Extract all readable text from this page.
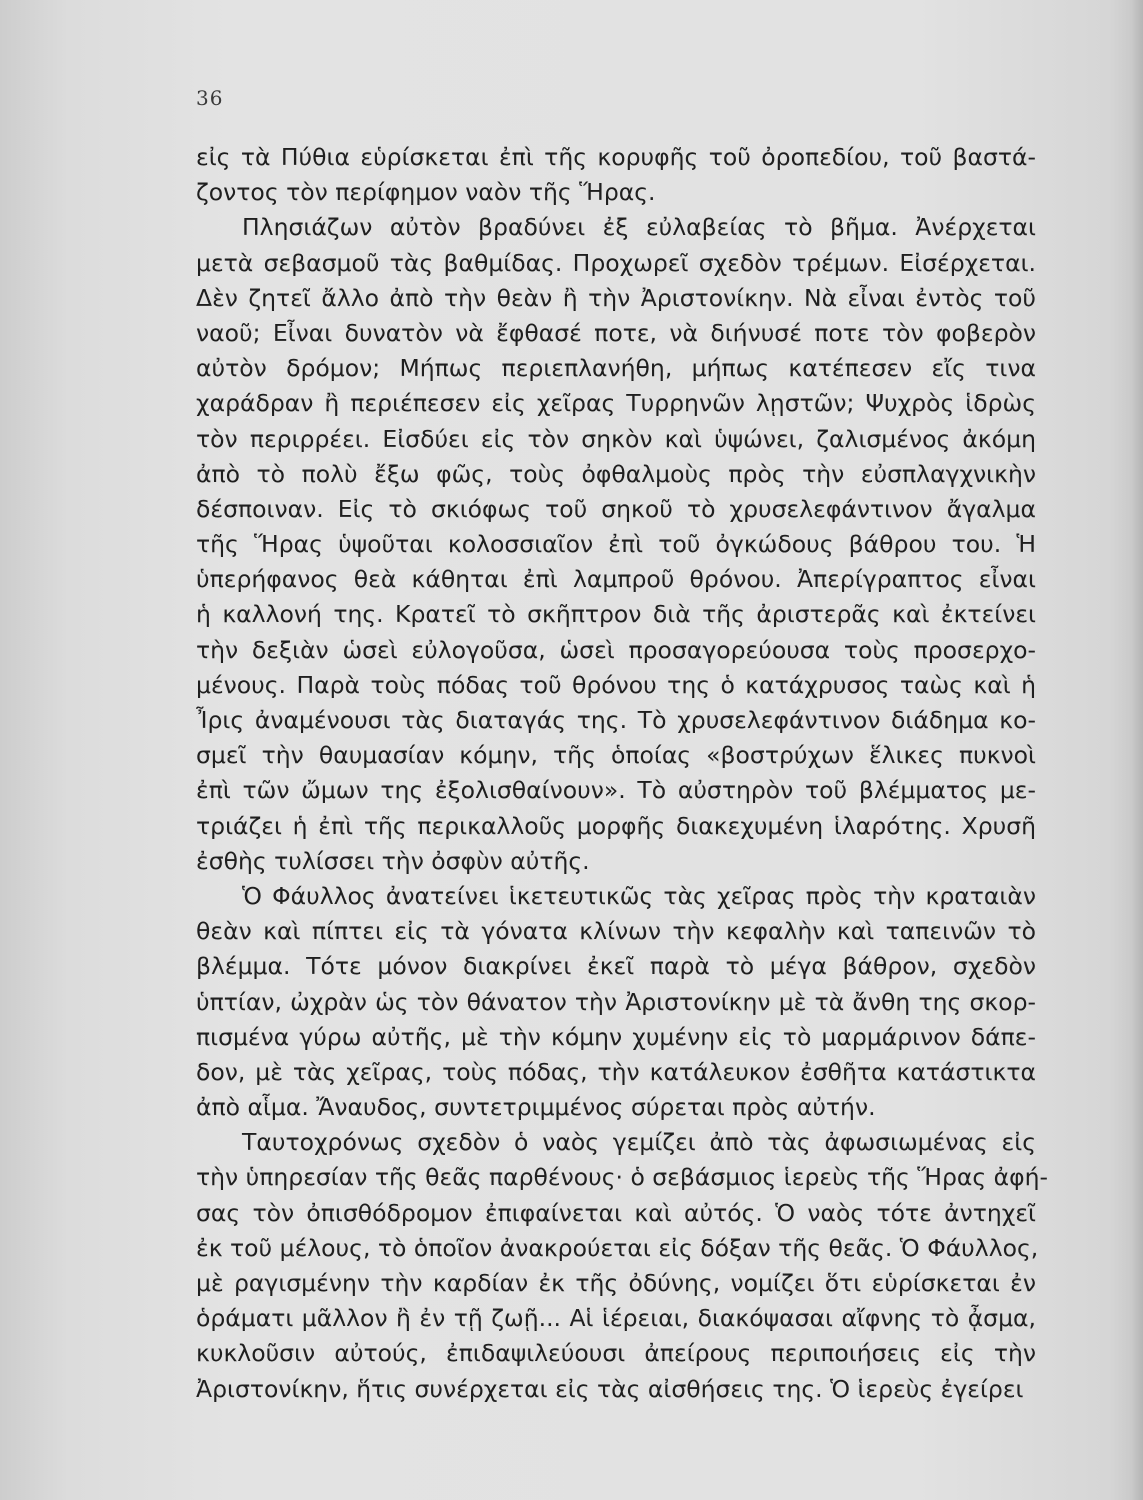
36
εἰς τὰ Πύθια εὑρίσκεται ἐπὶ τῆς κορυφῆς τοῦ ὀροπεδίου, τοῦ βαστά-
ζοντος τὸν περίφημον ναὸν τῆς Ἥρας.
Πλησιάζων αὐτὸν βραδύνει ἐξ εὐλαβείας τὸ βῆμα. Ἀνέρχεται
μετὰ σεβασμοῦ τὰς βαθμίδας. Προχωρεῖ σχεδὸν τρέμων. Εἰσέρχεται.
Δὲν ζητεῖ ἄλλο ἀπὸ τὴν θεὰν ἢ τὴν Ἀριστονίκην. Νὰ εἶναι ἐντὸς τοῦ
ναοῦ; Εἶναι δυνατὸν νὰ ἔφθασέ ποτε, νὰ διήνυσέ ποτε τὸν φοβερὸν
αὐτὸν δρόμον; Μήπως περιεπλανήθη, μήπως κατέπεσεν εἴς τινα
χαράδραν ἢ περιέπεσεν εἰς χεῖρας Τυρρηνῶν λῃστῶν; Ψυχρὸς ἱδρὼς
τὸν περιρρέει. Εἰσδύει εἰς τὸν σηκὸν καὶ ὑψώνει, ζαλισμένος ἀκόμη
ἀπὸ τὸ πολὺ ἔξω φῶς, τοὺς ὀφθαλμοὺς πρὸς τὴν εὐσπλαγχνικὴν
δέσποιναν. Εἰς τὸ σκιόφως τοῦ σηκοῦ τὸ χρυσελεφάντινον ἄγαλμα
τῆς Ἥρας ὑψοῦται κολοσσιαῖον ἐπὶ τοῦ ὀγκώδους βάθρου του. Ἡ
ὑπερήφανος θεὰ κάθηται ἐπὶ λαμπροῦ θρόνου. Ἀπερίγραπτος εἶναι
ἡ καλλονή της. Κρατεῖ τὸ σκῆπτρον διὰ τῆς ἀριστερᾶς καὶ ἐκτείνει
τὴν δεξιὰν ὡσεὶ εὐλογοῦσα, ὡσεὶ προσαγορεύουσα τοὺς προσερχο-
μένους. Παρὰ τοὺς πόδας τοῦ θρόνου της ὁ κατάχρυσος ταὼς καὶ ἡ
Ἶρις ἀναμένουσι τὰς διαταγάς της. Τὸ χρυσελεφάντινον διάδημα κο-
σμεῖ τὴν θαυμασίαν κόμην, τῆς ὁποίας «βοστρύχων ἕλικες πυκνοὶ
ἐπὶ τῶν ὤμων της ἐξολισθαίνουν». Τὸ αὐστηρὸν τοῦ βλέμματος με-
τριάζει ἡ ἐπὶ τῆς περικαλλοῦς μορφῆς διακεχυμένη ἱλαρότης. Χρυσῆ
ἐσθὴς τυλίσσει τὴν ὀσφὺν αὐτῆς.
Ὁ Φάυλλος ἀνατείνει ἱκετευτικῶς τὰς χεῖρας πρὸς τὴν κραταιὰν
θεὰν καὶ πίπτει εἰς τὰ γόνατα κλίνων τὴν κεφαλὴν καὶ ταπεινῶν τὸ
βλέμμα. Τότε μόνον διακρίνει ἐκεῖ παρὰ τὸ μέγα βάθρον, σχεδὸν
ὑπτίαν, ὠχρὰν ὡς τὸν θάνατον τὴν Ἀριστονίκην μὲ τὰ ἄνθη της σκορ-
πισμένα γύρω αὐτῆς, μὲ τὴν κόμην χυμένην εἰς τὸ μαρμάρινον δάπε-
δον, μὲ τὰς χεῖρας, τοὺς πόδας, τὴν κατάλευκον ἐσθῆτα κατάστικτα
ἀπὸ αἷμα. Ἄναυδος, συντετριμμένος σύρεται πρὸς αὐτήν.
Ταυτοχρόνως σχεδὸν ὁ ναὸς γεμίζει ἀπὸ τὰς ἀφωσιωμένας εἰς
τὴν ὑπηρεσίαν τῆς θεᾶς παρθένους· ὁ σεβάσμιος ἱερεὺς τῆς Ἥρας ἀφή-
σας τὸν ὀπισθόδρομον ἐπιφαίνεται καὶ αὐτός. Ὁ ναὸς τότε ἀντηχεῖ
ἐκ τοῦ μέλους, τὸ ὁποῖον ἀνακρούεται εἰς δόξαν τῆς θεᾶς. Ὁ Φάυλλος,
μὲ ραγισμένην τὴν καρδίαν ἐκ τῆς ὀδύνης, νομίζει ὅτι εὑρίσκεται ἐν
ὁράματι μᾶλλον ἢ ἐν τῇ ζωῇ... Αἱ ἱέρειαι, διακόψασαι αἴφνης τὸ ᾆσμα,
κυκλοῦσιν αὐτούς, ἐπιδαψιλεύουσι ἀπείρους περιποιήσεις εἰς τὴν
Ἀριστονίκην, ἥτις συνέρχεται εἰς τὰς αἰσθήσεις της. Ὁ ἱερεὺς ἐγείρει
